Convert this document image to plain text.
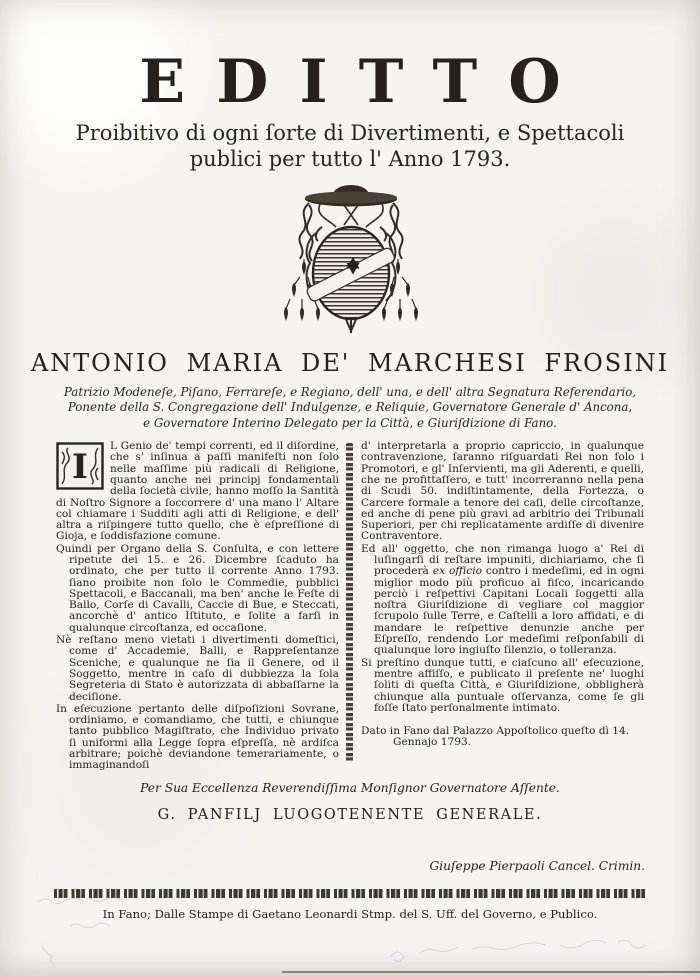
EDITTO
Proibitivo di ogni ſorte di Divertimenti, e Spettacoli
publici per tutto l' Anno 1793.
ANTONIO MARIA DE' MARCHESI FROSINI
Patrizio Modeneſe, Piſano, Ferrareſe, e Regiano, dell' una, e dell' altra Segnatura Referendario,
Ponente della S. Congregazione dell' Indulgenze, e Reliquie, Governatore Generale d' Ancona,
e Governatore Interino Delegato per la Città, e Giuriſdizione di Fano.

I
L Genio de' tempi correnti, ed il diſordine, che s' inſinua a paſſi manifeſti non ſolo nelle maſſime più radicali di Religione, quanto anche nei principj fondamentali della ſocietà civile, hanno moſſo la Santità di Noſtro Signore a ſoccorrere d' una mano l' Altare col chiamare i Sudditi agli atti di Religione, e dell' altra a riſpingere tutto quello, che è eſpreſſione di Gioja, e ſoddisfazione comune.

Quindi per Organo della S. Conſulta, e con lettere ripetute dei 15. e 26. Dicembre ſcaduto ha ordinato, che per tutto il corrente Anno 1793. ſiano proibite non ſolo le Commedie, pubblici Spettacoli, e Baccanali, ma ben' anche le Feſte di Ballo, Corſe di Cavalli, Caccie di Bue, e Steccati, ancorchè d' antico Iſtituto, e ſolite a farſi in qualunque circoſtanza, ed occaſione.

Nè reſtano meno vietati i divertimenti domeſtici, come d' Accademie, Balli, e Rappreſentanze Sceniche, e qualunque ne ſia il Genere, od il Soggetto, mentre in caſo di dubbiezza la ſola Segreteria di Stato è autorizzata di abbaſſarne la deciſione.

In eſecuzione pertanto delle diſpoſizioni Sovrane, ordiniamo, e comandiamo, che tutti, e chiunque tanto pubblico Magiſtrato, che Individuo privato ſi uniformi alla Legge ſopra eſpreſſa, nè ardiſca arbitrare; poichè deviandone temerariamente, o immaginandoſi

d' interpretarla a proprio capriccio, in qualunque contravenzione, ſaranno riſguardati Rei non ſolo i Promotori, e gl' Inſervienti, ma gli Aderenti, e quelli, che ne profittaſſero, e tutt' incorreranno nella pena di Scudi 50. indiſtintamente, della Fortezza, o Carcere formale a tenore dei caſi, delle circoſtanze, ed anche di pene più gravi ad arbitrio dei Tribunali Superiori, per chi replicatamente ardiſſe di divenire Contraventore.

Ed all' oggetto, che non rimanga luogo a' Rei di luſingarſi di reſtare impuniti, dichiariamo, che ſi procederà ex officio contro i medeſimi, ed in ogni miglior modo più proficuo al fiſco, incaricando perciò i reſpettivi Capitani Locali ſoggetti alla noſtra Giuriſdizione di vegliare col maggior ſcrupolo ſulle Terre, e Caſtelli a loro affidati, e di mandare le reſpettive denunzie anche per Eſpreſſo, rendendo Lor medeſimi reſponſabili di qualunque loro ingiuſto ſilenzio, o tolleranza.

Si preſtino dunque tutti, e ciaſcuno all' eſecuzione, mentre affiſſo, e publicato il preſente ne' luoghi ſoliti di queſta Città, e Giuriſdizione, obbligherà chiunque alla puntuale oſſervanza, come ſe gli foſſe ſtato perſonalmente intimato.

Dato in Fano dal Palazzo Appoſtolico queſto dì 14.
Gennajo 1793.

Per Sua Eccellenza Reverendiſſima Monſignor Governatore Aſſente.
G. PANFILJ LUOGOTENENTE GENERALE.
Giuſeppe Pierpaoli Cancel. Crimin.
In Fano; Dalle Stampe di Gaetano Leonardi Stmp. del S. Uff. del Governo, e Publico.
